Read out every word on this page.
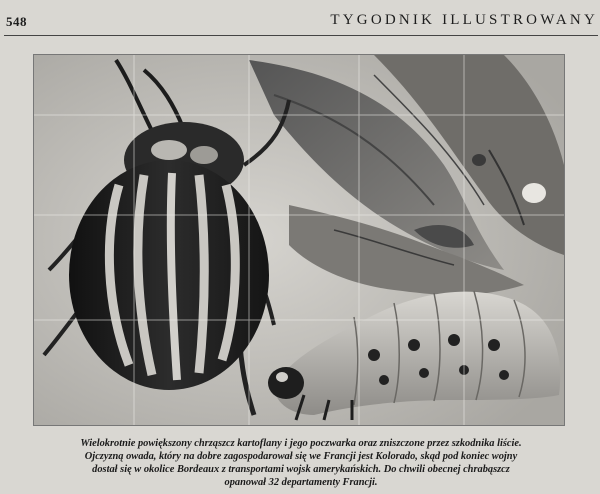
548	TYGODNIK ILLUSTROWANY
Wielokrotnie powiększony chrząszcz kartoflany i jego poczwarka oraz zniszczone przez szkodnika liście.
Ojczyzną owada, który na dobre zagospodarował się we Francji jest Kolorado, skąd pod koniec wojny
dostał się w okolice Bordeaux z transportami wojsk amerykańskich. Do chwili obecnej chrabąszcz
opanował 32 departamenty Francji.
